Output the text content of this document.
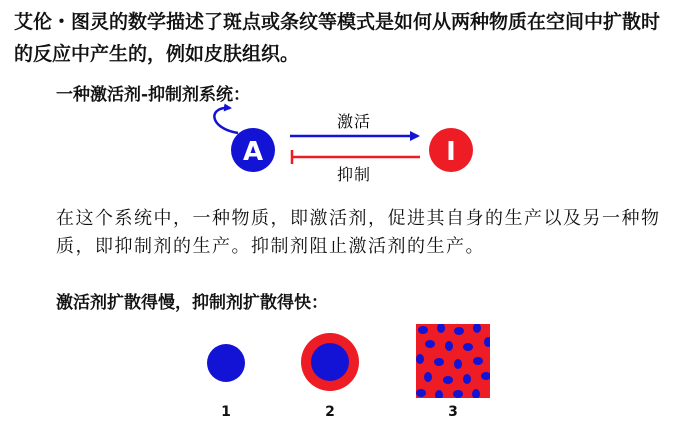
艾伦・图灵的数学描述了斑点或条纹等模式是如何从两种物质在空间中扩散时的反应中产生的，例如皮肤组织。

一种激活剂-抑制剂系统：

A	I
激活
抑制
1	2	3

在这个系统中，一种物质，即激活剂，促进其自身的生产以及另一种物质，即抑制剂的生产。抑制剂阻止激活剂的生产。

激活剂扩散得慢，抑制剂扩散得快：
